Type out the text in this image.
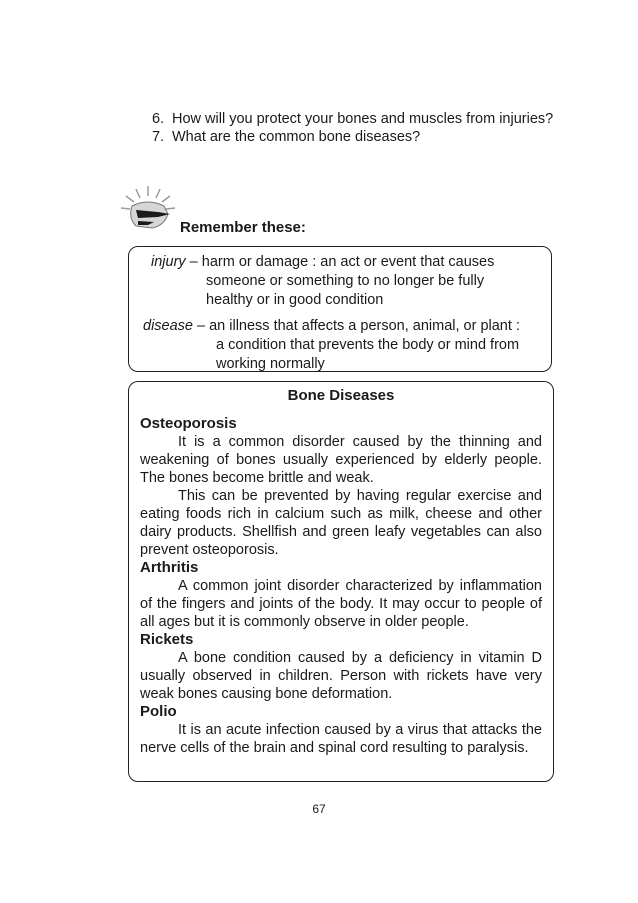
6. How will you protect your bones and muscles from injuries?
7. What are the common bone diseases?
Remember these:
injury – harm or damage : an act or event that causes
someone or something to no longer be fully healthy or in good condition
disease – an illness that affects a person, animal, or plant :
a condition that prevents the body or mind from working normally
Bone Diseases
Osteoporosis

It is a common disorder caused by the thinning and weakening of bones usually experienced by elderly people. The bones become brittle and weak.

This can be prevented by having regular exercise and eating foods rich in calcium such as milk, cheese and other dairy products. Shellfish and green leafy vegetables can also prevent osteoporosis.

Arthritis

A common joint disorder characterized by inflammation of the fingers and joints of the body. It may occur to people of all ages but it is commonly observe in older people.

Rickets

A bone condition caused by a deficiency in vitamin D usually observed in children. Person with rickets have very weak bones causing bone deformation.

Polio

It is an acute infection caused by a virus that attacks the nerve cells of the brain and spinal cord resulting to paralysis.

67
